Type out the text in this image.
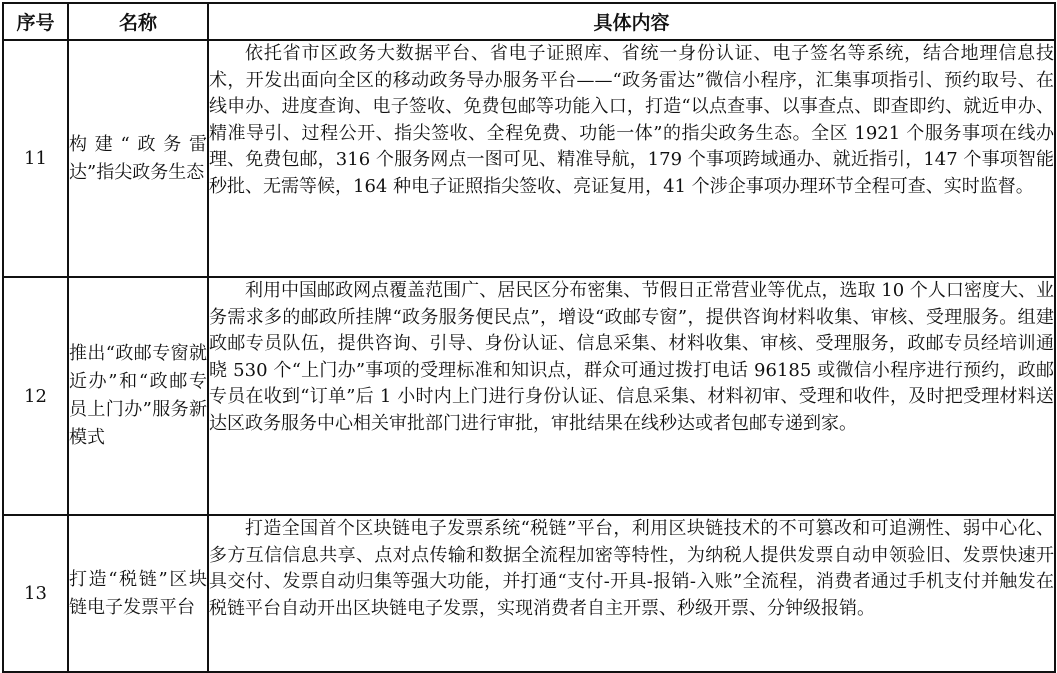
序号	名称	具体内容
11	构建“政务雷达”指尖政务生态	依托省市区政务大数据平台、省电子证照库、省统一身份认证、电子签名等系统，结合地理信息技术，开发出面向全区的移动政务导办服务平台——“政务雷达”微信小程序，汇集事项指引、预约取号、在线申办、进度查询、电子签收、免费包邮等功能入口，打造“以点查事、以事查点、即查即约、就近申办、精准导引、过程公开、指尖签收、全程免费、功能一体”的指尖政务生态。全区 1921 个服务事项在线办理、免费包邮，316 个服务网点一图可见、精准导航，179 个事项跨域通办、就近指引，147 个事项智能秒批、无需等候，164 种电子证照指尖签收、亮证复用，41 个涉企事项办理环节全程可查、实时监督。
12	推出“政邮专窗就近办”和“政邮专员上门办”服务新模式	利用中国邮政网点覆盖范围广、居民区分布密集、节假日正常营业等优点，选取 10 个人口密度大、业务需求多的邮政所挂牌“政务服务便民点”，增设“政邮专窗”，提供咨询材料收集、审核、受理服务。组建政邮专员队伍，提供咨询、引导、身份认证、信息采集、材料收集、审核、受理服务，政邮专员经培训通晓 530 个“上门办”事项的受理标准和知识点，群众可通过拨打电话 96185 或微信小程序进行预约，政邮专员在收到“订单”后 1 小时内上门进行身份认证、信息采集、材料初审、受理和收件，及时把受理材料送达区政务服务中心相关审批部门进行审批，审批结果在线秒达或者包邮专递到家。
13	打造“税链”区块链电子发票平台	打造全国首个区块链电子发票系统“税链”平台，利用区块链技术的不可篡改和可追溯性、弱中心化、多方互信信息共享、点对点传输和数据全流程加密等特性，为纳税人提供发票自动申领验旧、发票快速开具交付、发票自动归集等强大功能，并打通“支付-开具-报销-入账”全流程，消费者通过手机支付并触发在税链平台自动开出区块链电子发票，实现消费者自主开票、秒级开票、分钟级报销。
